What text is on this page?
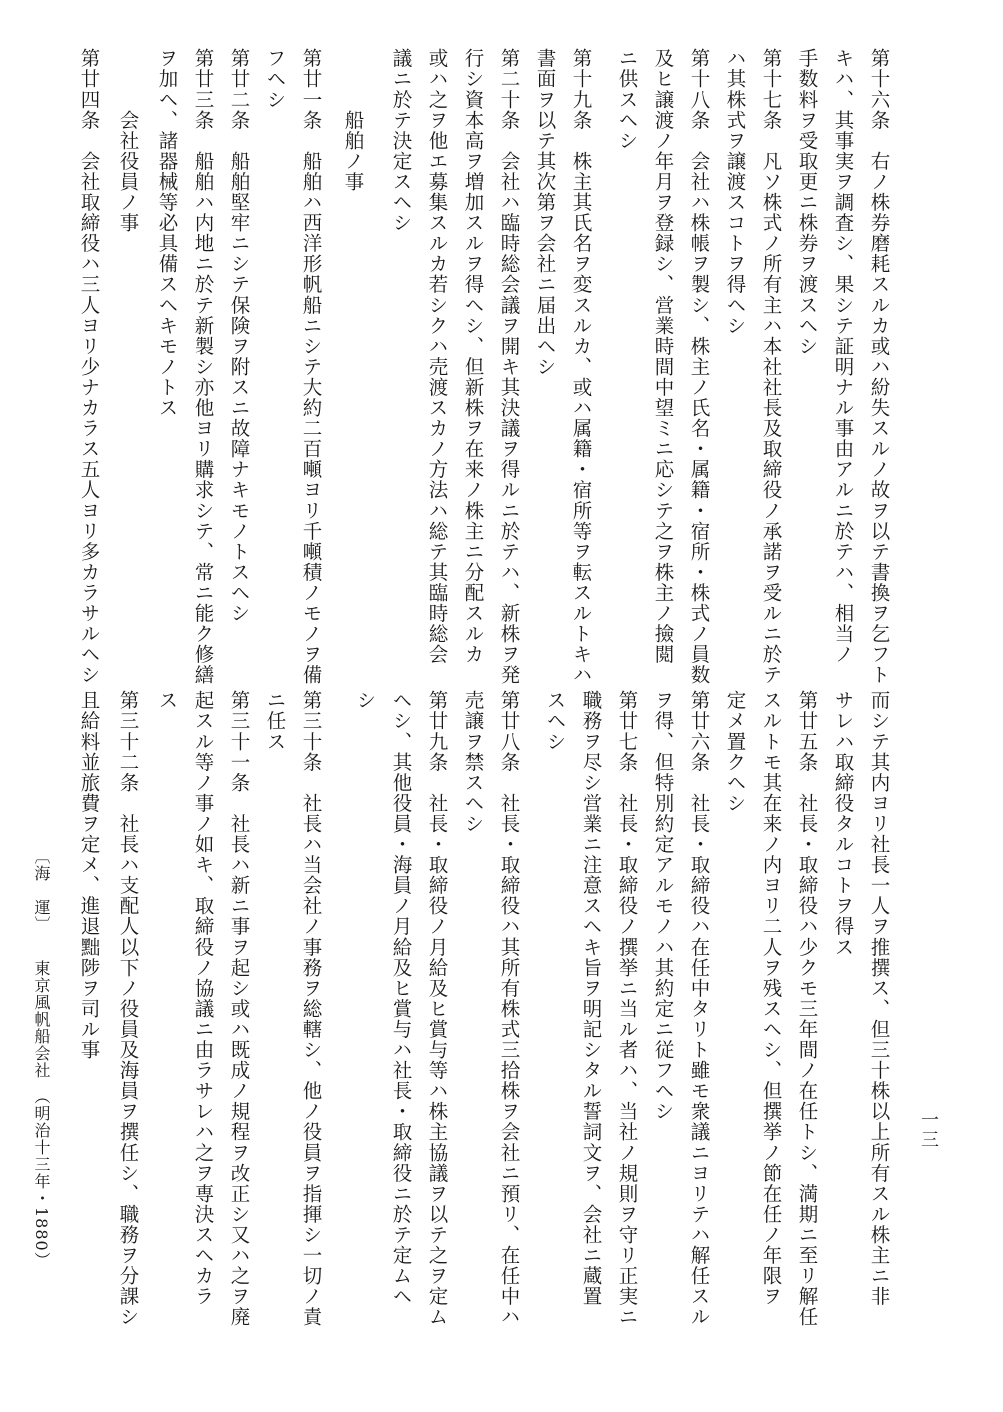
第十六条　右ノ株券磨耗スルカ或ハ紛失スルノ故ヲ以テ書換ヲ乞フト
キハ、其事実ヲ調査シ、果シテ証明ナル事由アルニ於テハ、相当ノ
手数料ヲ受取更ニ株券ヲ渡スヘシ
第十七条　凡ソ株式ノ所有主ハ本社社長及取締役ノ承諾ヲ受ルニ於テ
ハ其株式ヲ譲渡スコトヲ得ヘシ
第十八条　会社ハ株帳ヲ製シ、株主ノ氏名・属籍・宿所・株式ノ員数
及ヒ譲渡ノ年月ヲ登録シ、営業時間中望ミニ応シテ之ヲ株主ノ撿閲
ニ供スヘシ
第十九条　株主其氏名ヲ変スルカ、或ハ属籍・宿所等ヲ転スルトキハ
書面ヲ以テ其次第ヲ会社ニ届出ヘシ
第二十条　会社ハ臨時総会議ヲ開キ其決議ヲ得ルニ於テハ、新株ヲ発
行シ資本高ヲ増加スルヲ得ヘシ、但新株ヲ在来ノ株主ニ分配スルカ
或ハ之ヲ他エ募集スルカ若シクハ売渡スカノ方法ハ総テ其臨時総会
議ニ於テ決定スヘシ
　　　船舶ノ事
第廿一条　船舶ハ西洋形帆船ニシテ大約二百噸ヨリ千噸積ノモノヲ備
フヘシ
第廿二条　船舶堅牢ニシテ保険ヲ附スニ故障ナキモノトスヘシ
第廿三条　船舶ハ内地ニ於テ新製シ亦他ヨリ購求シテ、常ニ能ク修繕
ヲ加ヘ、諸器械等必具備スヘキモノトス
　　　会社役員ノ事
第廿四条　会社取締役ハ三人ヨリ少ナカラス五人ヨリ多カラサルヘシ
〔海　運〕
東京風帆船会社　（明治十三年・1880）	一三
而シテ其内ヨリ社長一人ヲ推撰ス、但三十株以上所有スル株主ニ非
サレハ取締役タルコトヲ得ス
第廿五条　社長・取締役ハ少クモ三年間ノ在任トシ、満期ニ至リ解任
スルトモ其在来ノ内ヨリ二人ヲ残スヘシ、但撰挙ノ節在任ノ年限ヲ
定メ置クヘシ
第廿六条　社長・取締役ハ在任中タリト雖モ衆議ニヨリテハ解任スル
ヲ得、但特別約定アルモノハ其約定ニ従フヘシ
第廿七条　社長・取締役ノ撰挙ニ当ル者ハ、当社ノ規則ヲ守リ正実ニ
職務ヲ尽シ営業ニ注意スヘキ旨ヲ明記シタル誓詞文ヲ、会社ニ蔵置
スヘシ
第廿八条　社長・取締役ハ其所有株式三拾株ヲ会社ニ預リ、在任中ハ
売譲ヲ禁スヘシ
第廿九条　社長・取締役ノ月給及ヒ賞与等ハ株主協議ヲ以テ之ヲ定ム
ヘシ、其他役員・海員ノ月給及ヒ賞与ハ社長・取締役ニ於テ定ムヘ
シ
第三十条　社長ハ当会社ノ事務ヲ総轄シ、他ノ役員ヲ指揮シ一切ノ責
ニ任ス
第三十一条　社長ハ新ニ事ヲ起シ或ハ既成ノ規程ヲ改正シ又ハ之ヲ廃
起スル等ノ事ノ如キ、取締役ノ協議ニ由ラサレハ之ヲ専決スヘカラ
ス
第三十二条　社長ハ支配人以下ノ役員及海員ヲ撰任シ、職務ヲ分課シ
且給料並旅費ヲ定メ、進退黜陟ヲ司ル事
